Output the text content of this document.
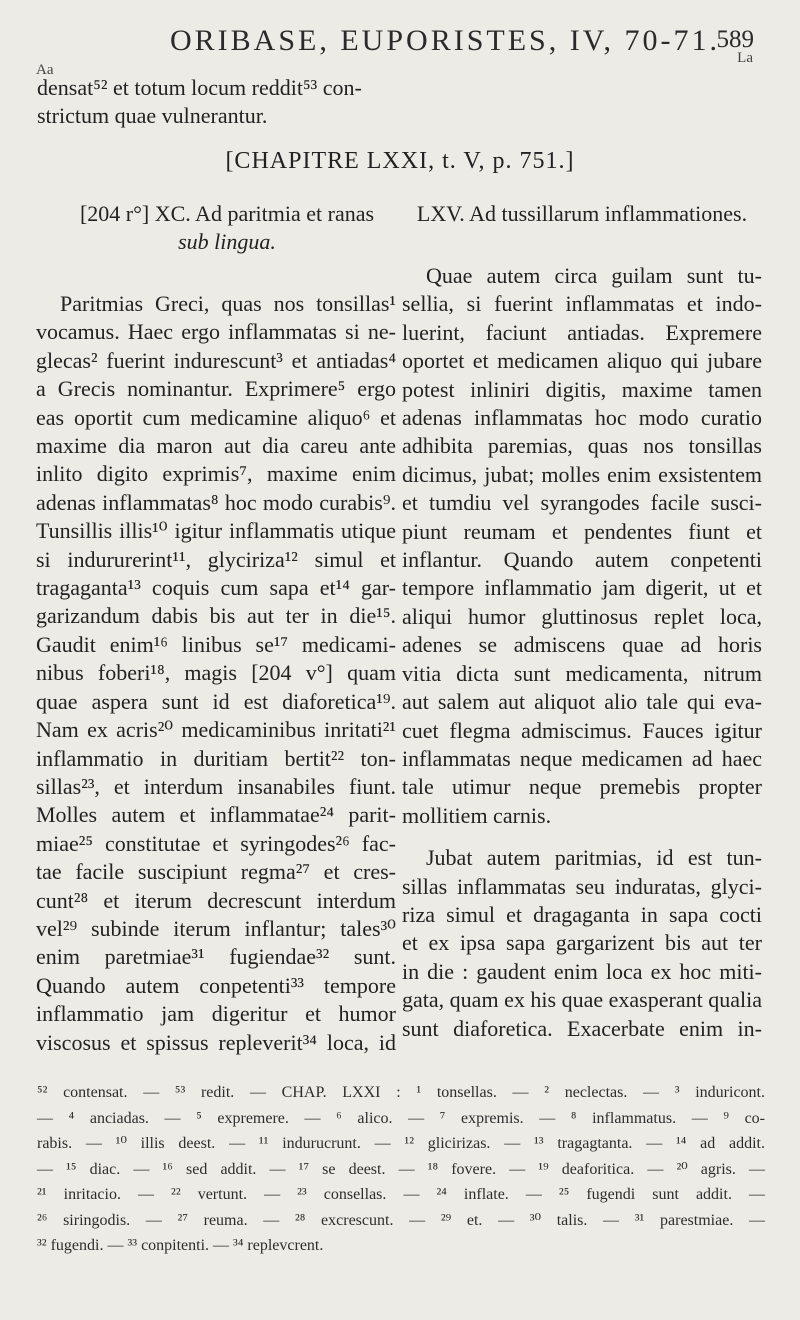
ORIBASE, EUPORISTES, IV, 70-71.
589
Aa
La
densat⁵² et totum locum reddit⁵³ con-
strictum quae vulnerantur.
[CHAPITRE LXXI, t. V, p. 751.]
[204 r°] XC. Ad paritmia et ranas
sub lingua.
Paritmias Greci, quas nos tonsillas¹
vocamus. Haec ergo inflammatas si ne-
glecas² fuerint induresc⁠unt³ et antiadas⁴
a Grecis nominantur. Exprimere⁵ ergo
eas oportit cum medicamine aliquo⁶ et
maxime dia maron aut dia careu ante
inlito digito exprimis⁷, maxime enim
adenas inflammatas⁸ hoc modo curabis⁹.
Tunsillis illis¹⁰ igitur inflammatis utique
si indururerint¹¹, glyciriza¹² simul et
tragaganta¹³ coquis cum sapa et¹⁴ gar-
garizandum dabis bis aut ter in die¹⁵.
Gaudit enim¹⁶ linibus se¹⁷ medicami-
nibus foberi¹⁸, magis [204 v°] quam
quae aspera sunt id est diaforetica¹⁹.
Nam ex acris²⁰ medicaminibus inritati²¹
inflammatio in duritiam bertit²² ton-
sillas²³, et interdum insanabiles fiunt.
Molles autem et inflammatae²⁴ parit-
miae²⁵ constitutae et syringodes²⁶ fac-
tae facile suscipiunt regma²⁷ et cres-
cunt²⁸ et iterum decrescunt interdum
vel²⁹ subinde iterum inflantur; tales³⁰
enim paretmiae³¹ fugiendae³² sunt.
Quando autem conpetenti³³ tempore
inflammatio jam digeritur et humor
viscosus et spissus repleverit³⁴ loca, id
LXV. Ad tussillarum inflammationes.
Quae autem circa guilam sunt tu-
sellia, si fuerint inflammatas et indo-
luerint, faciunt antiadas. Expremere
oportet et medicamen aliquo qui jubare
potest inliniri digitis, maxime tamen
adenas inflammatas hoc modo curatio
adhibita paremias, quas nos tonsillas
dicimus, jubat; molles enim exsistentem
et tumdiu vel syrangodes facile susci-
piunt reumam et pendentes fiunt et
inflantur. Quando autem conpetenti
tempore inflammatio jam digerit, ut et
aliqui humor gluttinosus replet loca,
adenes se admiscens quae ad horis
vitia dicta sunt medicamenta, nitrum
aut salem aut aliquot alio tale qui eva-
cuet flegma admiscimus. Fauces igitur
inflammatas neque medicamen ad haec
tale utimur neque premebis propter
mollitiem carnis.
Jubat autem paritmias, id est tun-
sillas inflammatas seu induratas, glyci-
riza simul et dragaganta in sapa cocti
et ex ipsa sapa gargarizent bis aut ter
in die : gaudent enim loca ex hoc miti-
gata, quam ex his quae exasperant qualia
sunt diaforetica. Exacerbate enim in-
⁵² contensat. — ⁵³ redit. — CHAP. LXXI : ¹ tonsellas. — ² neclectas. — ³ induricont.
— ⁴ anciadas. — ⁵ expremere. — ⁶ alico. — ⁷ expremis. — ⁸ inflammatus. — ⁹ co-
rabis. — ¹⁰ illis deest. — ¹¹ indurucrunt. — ¹² glicirizas. — ¹³ tragagtanta. — ¹⁴ ad addit.
— ¹⁵ diac. — ¹⁶ sed addit. — ¹⁷ se deest. — ¹⁸ fovere. — ¹⁹ deaforitica. — ²⁰ agris. —
²¹ inritacio. — ²² vertunt. — ²³ consellas. — ²⁴ inflate. — ²⁵ fugendi sunt addit. —
²⁶ siringodis. — ²⁷ reuma. — ²⁸ excrescunt. — ²⁹ et. — ³⁰ talis. — ³¹ parestmiae. —
³² fugendi. — ³³ conpitenti. — ³⁴ replevcrent.
